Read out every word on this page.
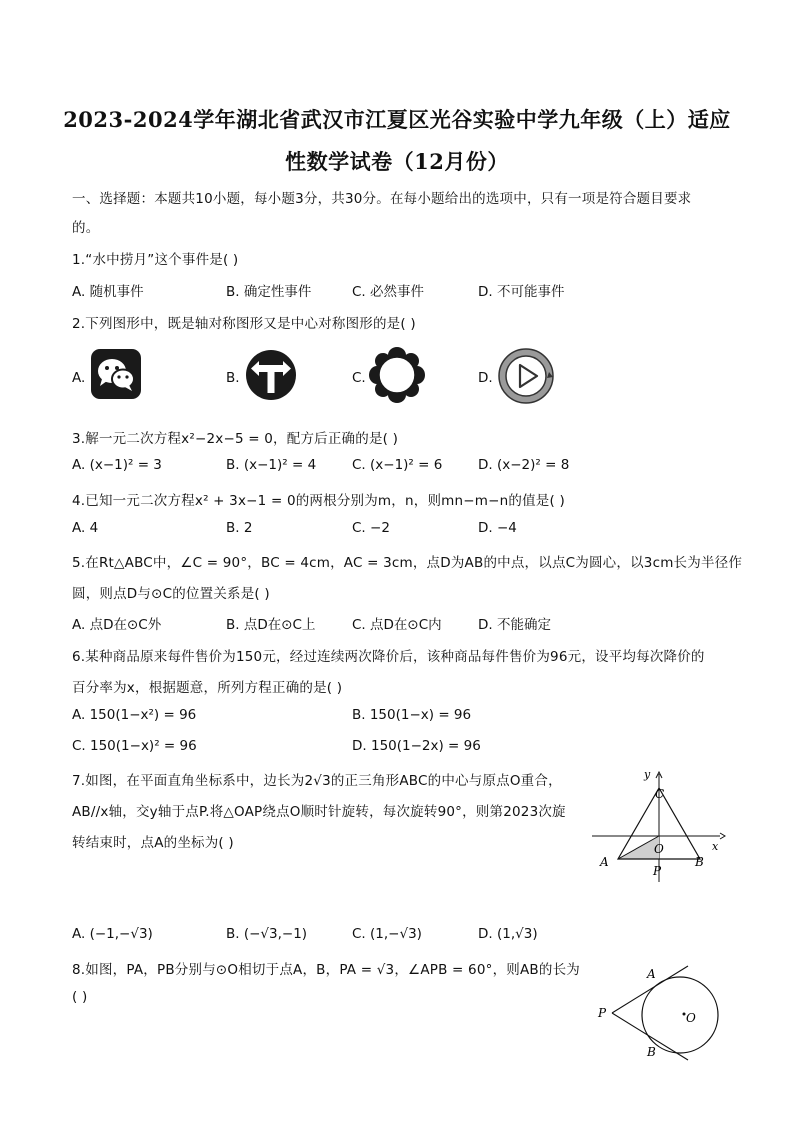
2023-2024学年湖北省武汉市江夏区光谷实验中学九年级（上）适应
性数学试卷（12月份）
一、选择题：本题共10小题，每小题3分，共30分。在每小题给出的选项中，只有一项是符合题目要求
的。
1.“水中捞月”这个事件是( )
A. 随机事件	B. 确定性事件	C. 必然事件	D. 不可能事件
2.下列图形中，既是轴对称图形又是中心对称图形的是( )
A.	B.	C.	D.
3.解一元二次方程x²−2x−5 = 0，配方后正确的是( )
A. (x−1)² = 3	B. (x−1)² = 4	C. (x−1)² = 6	D. (x−2)² = 8
4.已知一元二次方程x² + 3x−1 = 0的两根分别为m，n，则mn−m−n的值是( )
A. 4	B. 2	C. −2	D. −4
5.在Rt△ABC中，∠C = 90°，BC = 4cm，AC = 3cm，点D为AB的中点，以点C为圆心，以3cm长为半径作
圆，则点D与⊙C的位置关系是( )
A. 点D在⊙C外	B. 点D在⊙C上	C. 点D在⊙C内	D. 不能确定
6.某种商品原来每件售价为150元，经过连续两次降价后，该种商品每件售价为96元，设平均每次降价的
百分率为x，根据题意，所列方程正确的是( )
A. 150(1−x²) = 96	B. 150(1−x) = 96
C. 150(1−x)² = 96	D. 150(1−2x) = 96
7.如图，在平面直角坐标系中，边长为2√3的正三角形ABC的中心与原点O重合，
AB//x轴，交y轴于点P.将△OAP绕点O顺时针旋转，每次旋转90°，则第2023次旋
转结束时，点A的坐标为( )
y
x
C
O
A	B
P
A. (−1,−√3)	B. (−√3,−1)	C. (1,−√3)	D. (1,√3)
8.如图，PA，PB分别与⊙O相切于点A，B，PA = √3，∠APB = 60°，则AB的长为
( )
A
P	O
B
